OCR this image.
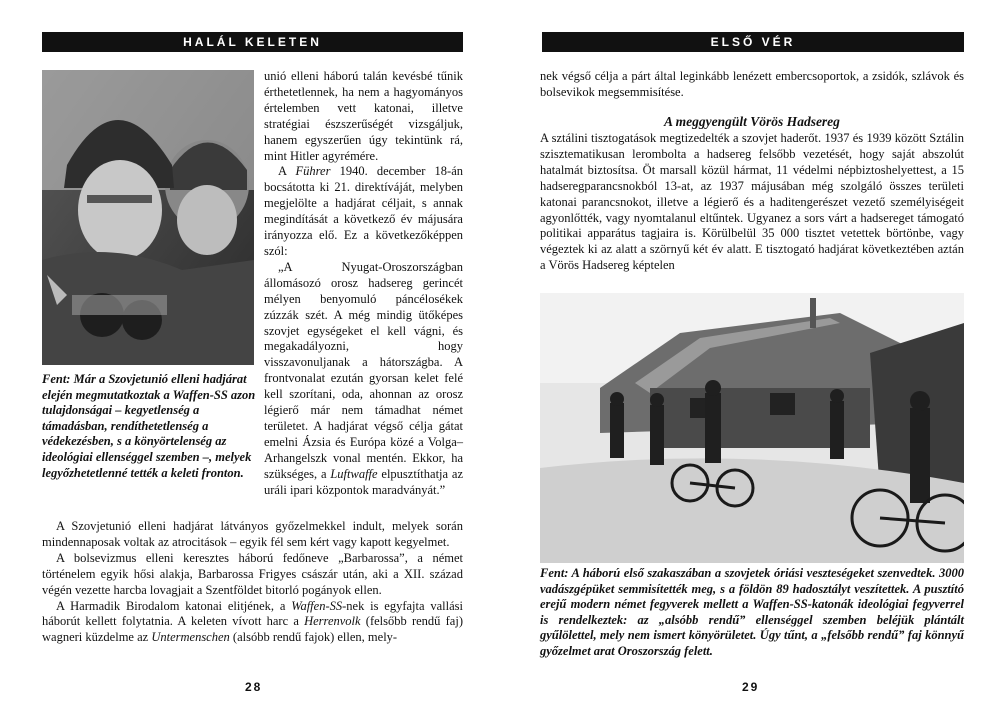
HALÁL KELETEN
Fent: Már a Szovjetunió elleni hadjárat elején megmutatkoztak a Waffen-SS azon tulajdonságai – kegyetlenség a támadásban, rendíthetetlenség a védekezésben, s a könyörtelenség az ideológiai ellenséggel szemben –, melyek legyőzhetetlenné tették a keleti fronton.

unió elleni háború talán kevésbé tűnik érthetetlennek, ha nem a hagyományos értelemben vett katonai, illetve stratégiai észszerűségét vizsgáljuk, hanem egyszerűen úgy tekintünk rá, mint Hitler agyrémére.

A Führer 1940. december 18-án bocsátotta ki 21. direktíváját, melyben megjelölte a hadjárat céljait, s annak megindítását a következő év májusára irányozza elő. Ez a következőképpen szól:

„A Nyugat-Oroszországban állomásozó orosz hadsereg gerincét mélyen benyomuló páncélosékek zúzzák szét. A még mindig ütőképes szovjet egységeket el kell vágni, és megakadályozni, hogy visszavonuljanak a hátországba. A frontvonalat ezután gyorsan kelet felé kell szorítani, oda, ahonnan az orosz légierő már nem támadhat német területet. A hadjárat végső célja gátat emelni Ázsia és Európa közé a Volga–Arhangelszk vonal mentén. Ekkor, ha szükséges, a Luftwaffe elpusztíthatja az uráli ipari központok maradványát.”

A Szovjetunió elleni hadjárat látványos győzelmekkel indult, melyek során mindennaposak voltak az atrocitások – egyik fél sem kért vagy kapott kegyelmet.

A bolsevizmus elleni keresztes háború fedőneve „Barbarossa”, a német történelem egyik hősi alakja, Barbarossa Frigyes császár után, aki a XII. század végén vezette harcba lovagjait a Szentföldet bitorló pogányok ellen.

A Harmadik Birodalom katonai elitjének, a Waffen-SS-nek is egyfajta vallási háborút kellett folytatnia. A keleten vívott harc a Herrenvolk (felsőbb rendű faj) wagneri küzdelme az Untermenschen (alsóbb rendű fajok) ellen, mely-

28
ELSŐ VÉR

nek végső célja a párt által leginkább lenézett embercsoportok, a zsidók, szlávok és bolsevikok megsemmisítése.

A meggyengült Vörös Hadsereg

A sztálini tisztogatások megtizedelték a szovjet haderőt. 1937 és 1939 között Sztálin szisztematikusan lerombolta a hadsereg felsőbb vezetését, hogy saját abszolút hatalmát biztosítsa. Öt marsall közül hármat, 11 védelmi népbiztoshelyettest, a 15 hadseregparancsnokból 13-at, az 1937 májusában még szolgáló összes területi katonai parancsnokot, illetve a légierő és a haditengerészet vezető személyiségeit agyonlőtték, vagy nyomtalanul eltűntek. Ugyanez a sors várt a hadsereget támogató politikai apparátus tagjaira is. Körülbelül 35 000 tisztet vetettek börtönbe, vagy végeztek ki az alatt a szörnyű két év alatt. E tisztogató hadjárat következtében aztán a Vörös Hadsereg képtelen

Fent: A háború első szakaszában a szovjetek óriási veszteségeket szenvedtek. 3000 vadászgépüket semmisítették meg, s a földön 89 hadosztályt veszítettek. A pusztító erejű modern német fegyverek mellett a Waffen-SS-katonák ideológiai fegyverrel is rendelkeztek: az „alsóbb rendű” ellenséggel szemben beléjük plántált gyűlölettel, mely nem ismert könyörületet. Úgy tűnt, a „felsőbb rendű” faj könnyű győzelmet arat Oroszország felett.
29
